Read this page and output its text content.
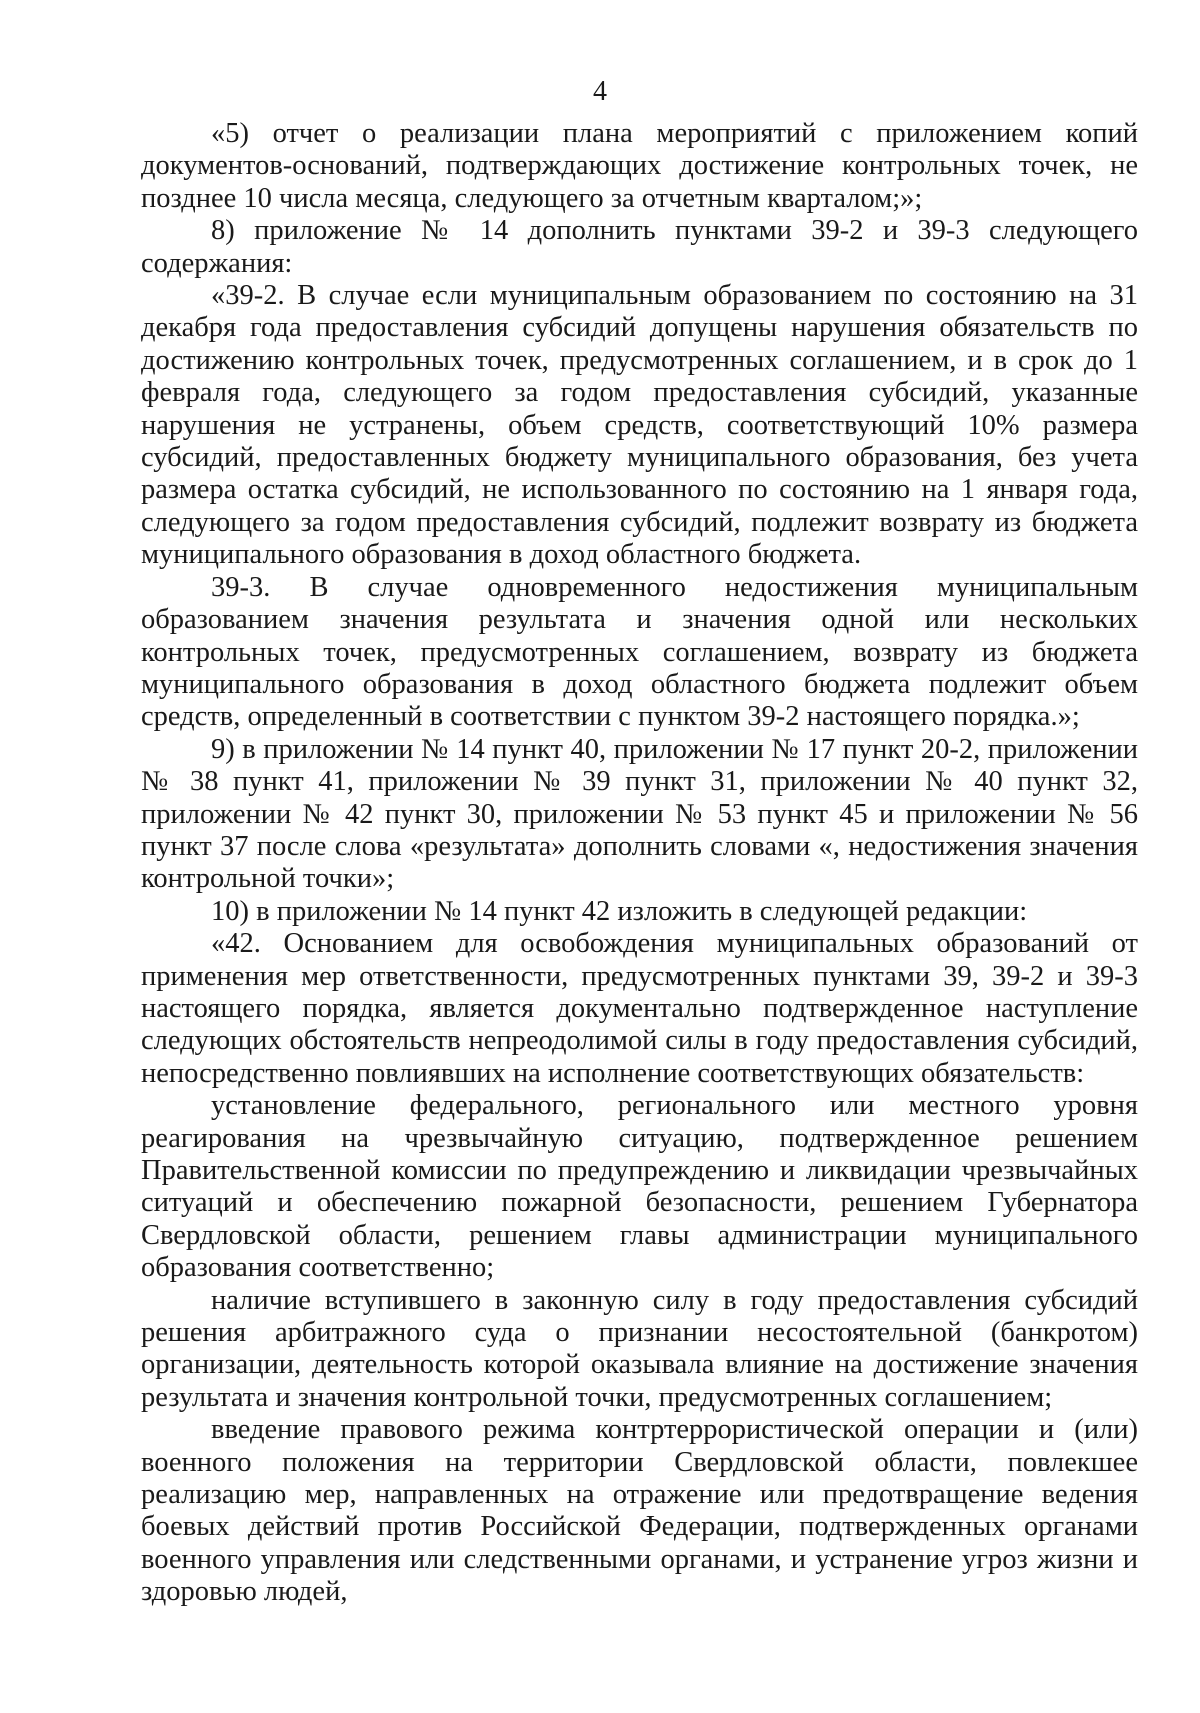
4

«5) отчет о реализации плана мероприятий с приложением копий документов-оснований, подтверждающих достижение контрольных точек, не позднее 10 числа месяца, следующего за отчетным кварталом;»;

8) приложение № 14 дополнить пунктами 39-2 и 39-3 следующего содержания:

«39-2. В случае если муниципальным образованием по состоянию на 31 декабря года предоставления субсидий допущены нарушения обязательств по достижению контрольных точек, предусмотренных соглашением, и в срок до 1 февраля года, следующего за годом предоставления субсидий, указанные нарушения не устранены, объем средств, соответствующий 10% размера субсидий, предоставленных бюджету муниципального образования, без учета размера остатка субсидий, не использованного по состоянию на 1 января года, следующего за годом предоставления субсидий, подлежит возврату из бюджета муниципального образования в доход областного бюджета.

39-3. В случае одновременного недостижения муниципальным образованием значения результата и значения одной или нескольких контрольных точек, предусмотренных соглашением, возврату из бюджета муниципального образования в доход областного бюджета подлежит объем средств, определенный в соответствии с пунктом 39-2 настоящего порядка.»;

9) в приложении № 14 пункт 40, приложении № 17 пункт 20-2, приложении № 38 пункт 41, приложении № 39 пункт 31, приложении № 40 пункт 32, приложении № 42 пункт 30, приложении № 53 пункт 45 и приложении № 56 пункт 37 после слова «результата» дополнить словами «, недостижения значения контрольной точки»;

10) в приложении № 14 пункт 42 изложить в следующей редакции:

«42. Основанием для освобождения муниципальных образований от применения мер ответственности, предусмотренных пунктами 39, 39-2 и 39-3 настоящего порядка, является документально подтвержденное наступление следующих обстоятельств непреодолимой силы в году предоставления субсидий, непосредственно повлиявших на исполнение соответствующих обязательств:

установление федерального, регионального или местного уровня реагирования на чрезвычайную ситуацию, подтвержденное решением Правительственной комиссии по предупреждению и ликвидации чрезвычайных ситуаций и обеспечению пожарной безопасности, решением Губернатора Свердловской области, решением главы администрации муниципального образования соответственно;

наличие вступившего в законную силу в году предоставления субсидий решения арбитражного суда о признании несостоятельной (банкротом) организации, деятельность которой оказывала влияние на достижение значения результата и значения контрольной точки, предусмотренных соглашением;

введение правового режима контртеррористической операции и (или) военного положения на территории Свердловской области, повлекшее реализацию мер, направленных на отражение или предотвращение ведения боевых действий против Российской Федерации, подтвержденных органами военного управления или следственными органами, и устранение угроз жизни и здоровью людей,
